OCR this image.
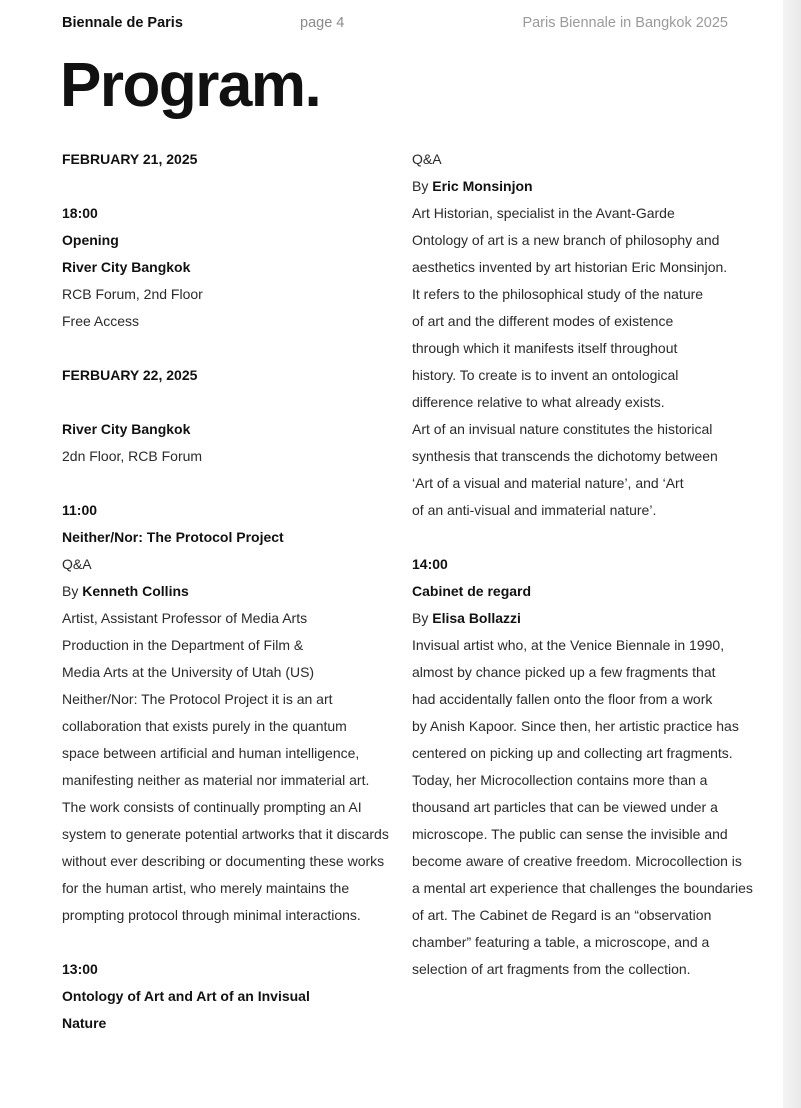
Biennale de Paris	page 4	Paris Biennale in Bangkok 2025
Program.
FEBRUARY 21, 2025
18:00
Opening
River City Bangkok
RCB Forum, 2nd Floor
Free Access
FERBUARY 22, 2025
River City Bangkok
2dn Floor, RCB Forum
11:00
Neither/Nor: The Protocol Project
Q&A
By Kenneth Collins
Artist, Assistant Professor of Media Arts
Production in the Department of Film &
Media Arts at the University of Utah (US)
Neither/Nor: The Protocol Project it is an art
collaboration that exists purely in the quantum
space between artificial and human intelligence,
manifesting neither as material nor immaterial art.
The work consists of continually prompting an AI
system to generate potential artworks that it discards
without ever describing or documenting these works
for the human artist, who merely maintains the
prompting protocol through minimal interactions.
13:00
Ontology of Art and Art of an Invisual
Nature
Q&A
By Eric Monsinjon
Art Historian, specialist in the Avant-Garde
Ontology of art is a new branch of philosophy and
aesthetics invented by art historian Eric Monsinjon.
It refers to the philosophical study of the nature
of art and the different modes of existence
through which it manifests itself throughout
history. To create is to invent an ontological
difference relative to what already exists.
Art of an invisual nature constitutes the historical
synthesis that transcends the dichotomy between
‘Art of a visual and material nature’, and ‘Art
of an anti-visual and immaterial nature’.
14:00
Cabinet de regard
By Elisa Bollazzi
Invisual artist who, at the Venice Biennale in 1990,
almost by chance picked up a few fragments that
had accidentally fallen onto the floor from a work
by Anish Kapoor. Since then, her artistic practice has
centered on picking up and collecting art fragments.
Today, her Microcollection contains more than a
thousand art particles that can be viewed under a
microscope. The public can sense the invisible and
become aware of creative freedom. Microcollection is
a mental art experience that challenges the boundaries
of art. The Cabinet de Regard is an “observation
chamber” featuring a table, a microscope, and a
selection of art fragments from the collection.
